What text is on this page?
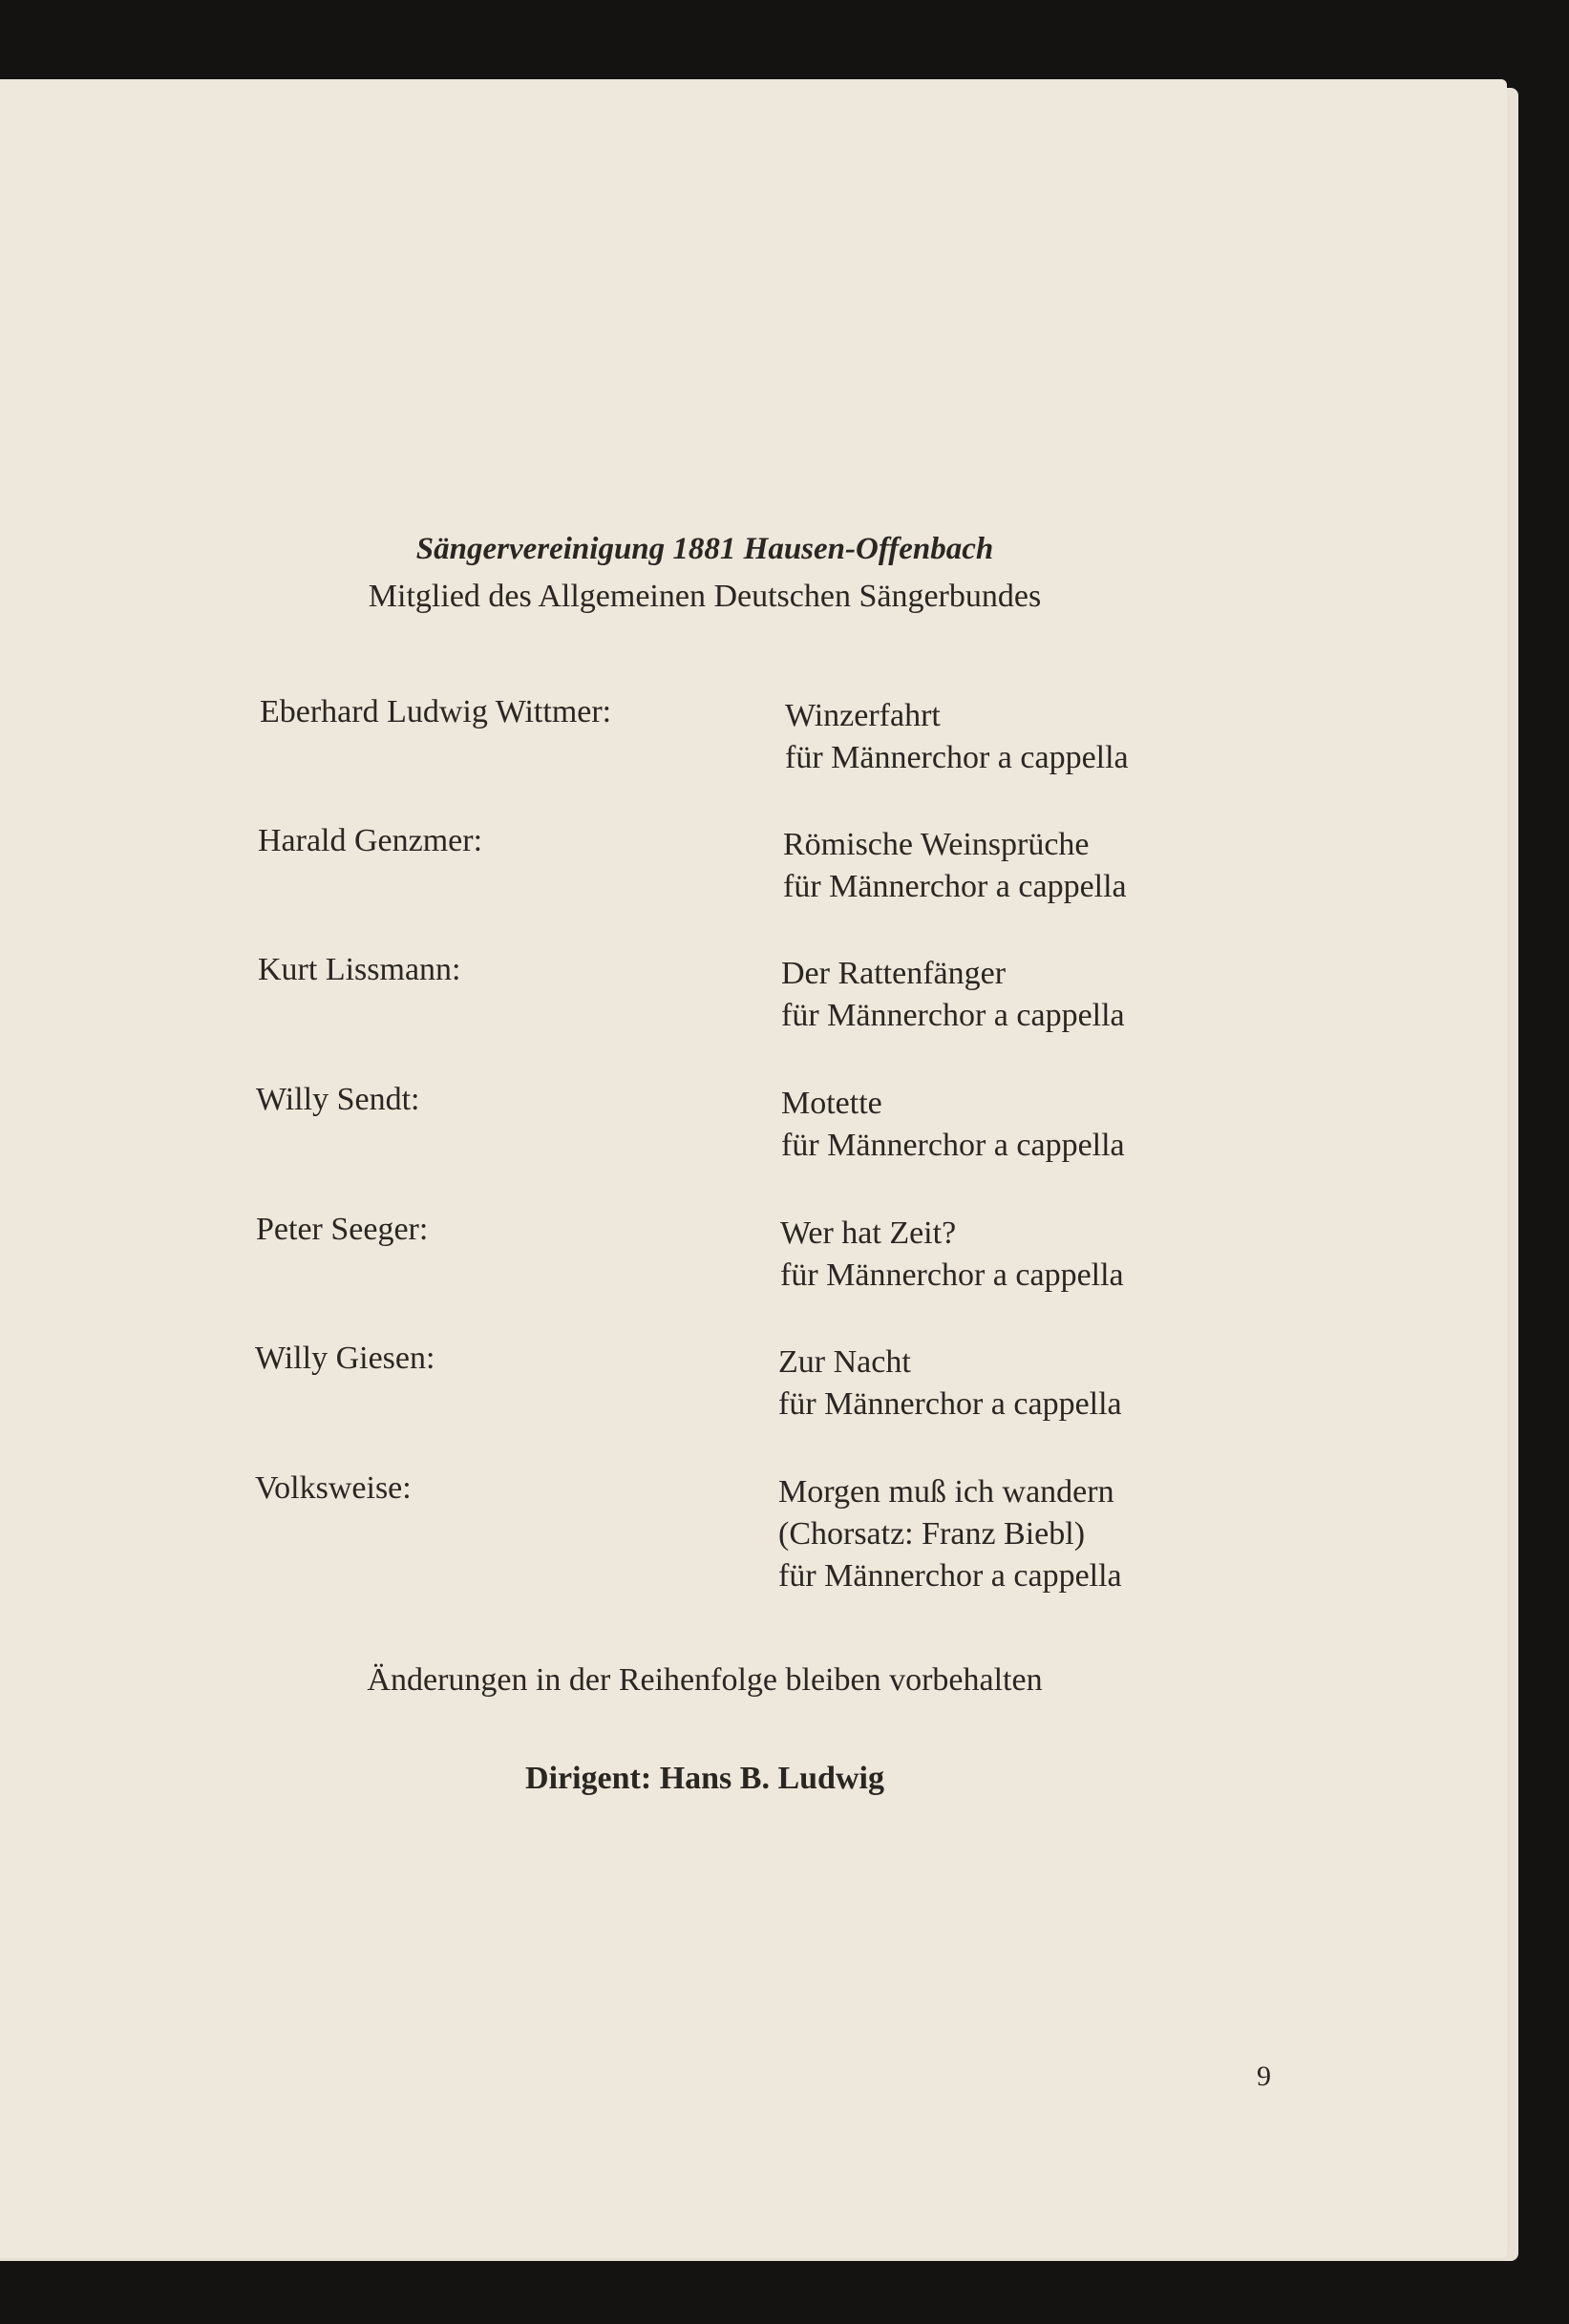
Sängervereinigung 1881 Hausen-Offenbach
Mitglied des Allgemeinen Deutschen Sängerbundes
Eberhard Ludwig Wittmer:	Winzerfahrt
für Männerchor a cappella
Harald Genzmer:	Römische Weinsprüche
für Männerchor a cappella
Kurt Lissmann:	Der Rattenfänger
für Männerchor a cappella
Willy Sendt:	Motette
für Männerchor a cappella
Peter Seeger:	Wer hat Zeit?
für Männerchor a cappella
Willy Giesen:	Zur Nacht
für Männerchor a cappella
Volksweise:	Morgen muß ich wandern
(Chorsatz: Franz Biebl)
für Männerchor a cappella
Änderungen in der Reihenfolge bleiben vorbehalten
Dirigent: Hans B. Ludwig
9
